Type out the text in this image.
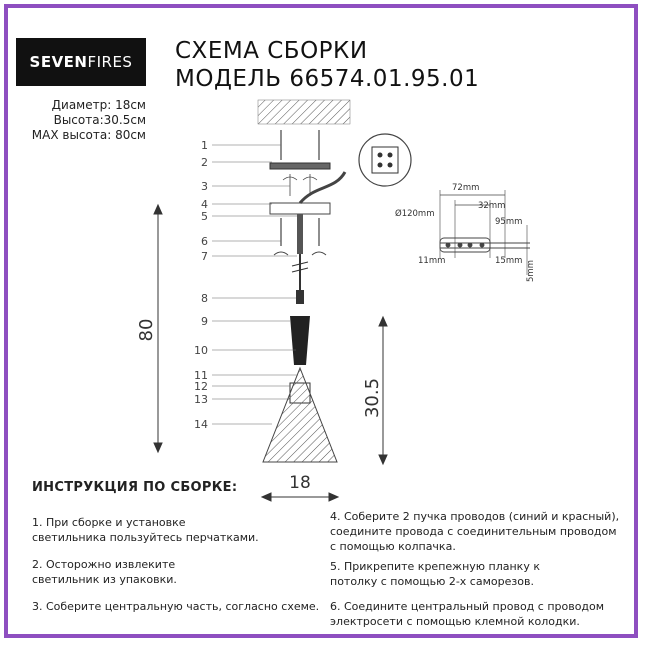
SEVEN FIRES СХЕМА СБОРКИ
МОДЕЛЬ 66574.01.95.01
Диаметр: 18см
Высота:30.5см
MAX высота: 80см
1
2
3
4
5
6
7
8
9
10
11
12
13
14
80
30.5
18
72mm
32mm
Ø120mm
95mm
11mm	15mm 5mm
ИНСТРУКЦИЯ ПО СБОРКЕ:
1. При сборке и установке
светильника пользуйтесь перчатками.
2. Осторожно извлеките
светильник из упаковки.
3. Соберите центральную часть, согласно схеме.
4. Соберите 2 пучка проводов (синий и красный),
соедините провода с соединительным проводом
с помощью колпачка.
5. Прикрепите крепежную планку к
потолку с помощью 2-х саморезов.
6. Соедините центральный провод с проводом
электросети с помощью клемной колодки.
